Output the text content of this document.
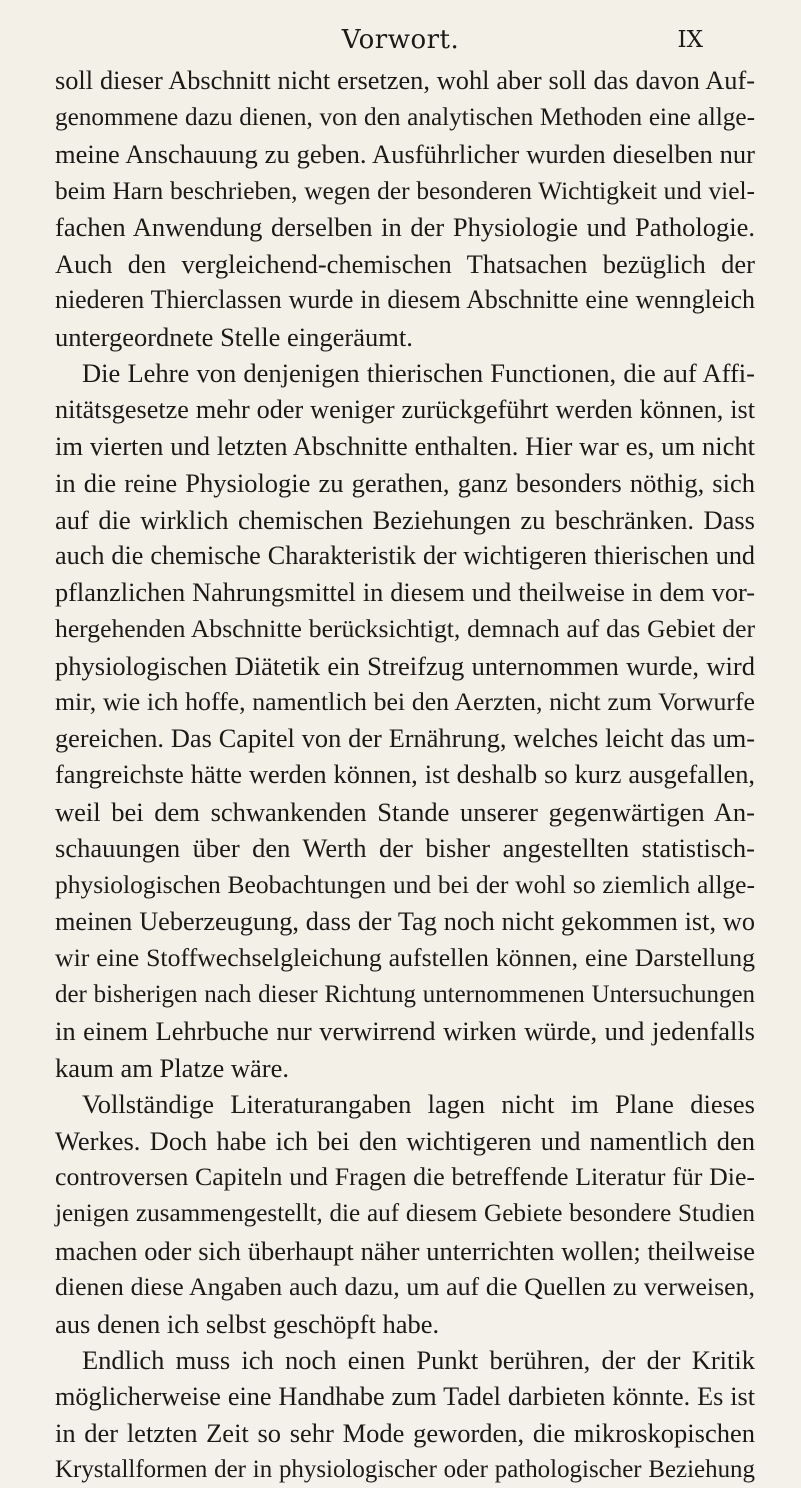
Vorwort.	IX
soll dieser Abschnitt nicht ersetzen, wohl aber soll das davon Auf-
genommene dazu dienen, von den analytischen Methoden eine allge-
meine Anschauung zu geben. Ausführlicher wurden dieselben nur
beim Harn beschrieben, wegen der besonderen Wichtigkeit und viel-
fachen Anwendung derselben in der Physiologie und Pathologie.
Auch den vergleichend-chemischen Thatsachen bezüglich der
niederen Thierclassen wurde in diesem Abschnitte eine wenngleich
untergeordnete Stelle eingeräumt.
Die Lehre von denjenigen thierischen Functionen, die auf Affi-
nitätsgesetze mehr oder weniger zurückgeführt werden können, ist
im vierten und letzten Abschnitte enthalten. Hier war es, um nicht
in die reine Physiologie zu gerathen, ganz besonders nöthig, sich
auf die wirklich chemischen Beziehungen zu beschränken. Dass
auch die chemische Charakteristik der wichtigeren thierischen und
pflanzlichen Nahrungsmittel in diesem und theilweise in dem vor-
hergehenden Abschnitte berücksichtigt, demnach auf das Gebiet der
physiologischen Diätetik ein Streifzug unternommen wurde, wird
mir, wie ich hoffe, namentlich bei den Aerzten, nicht zum Vorwurfe
gereichen. Das Capitel von der Ernährung, welches leicht das um-
fangreichste hätte werden können, ist deshalb so kurz ausgefallen,
weil bei dem schwankenden Stande unserer gegenwärtigen An-
schauungen über den Werth der bisher angestellten statistisch-
physiologischen Beobachtungen und bei der wohl so ziemlich allge-
meinen Ueberzeugung, dass der Tag noch nicht gekommen ist, wo
wir eine Stoffwechselgleichung aufstellen können, eine Darstellung
der bisherigen nach dieser Richtung unternommenen Untersuchungen
in einem Lehrbuche nur verwirrend wirken würde, und jedenfalls
kaum am Platze wäre.
Vollständige Literaturangaben lagen nicht im Plane dieses
Werkes. Doch habe ich bei den wichtigeren und namentlich den
controversen Capiteln und Fragen die betreffende Literatur für Die-
jenigen zusammengestellt, die auf diesem Gebiete besondere Studien
machen oder sich überhaupt näher unterrichten wollen; theilweise
dienen diese Angaben auch dazu, um auf die Quellen zu verweisen,
aus denen ich selbst geschöpft habe.
Endlich muss ich noch einen Punkt berühren, der der Kritik
möglicherweise eine Handhabe zum Tadel darbieten könnte. Es ist
in der letzten Zeit so sehr Mode geworden, die mikroskopischen
Krystallformen der in physiologischer oder pathologischer Beziehung
